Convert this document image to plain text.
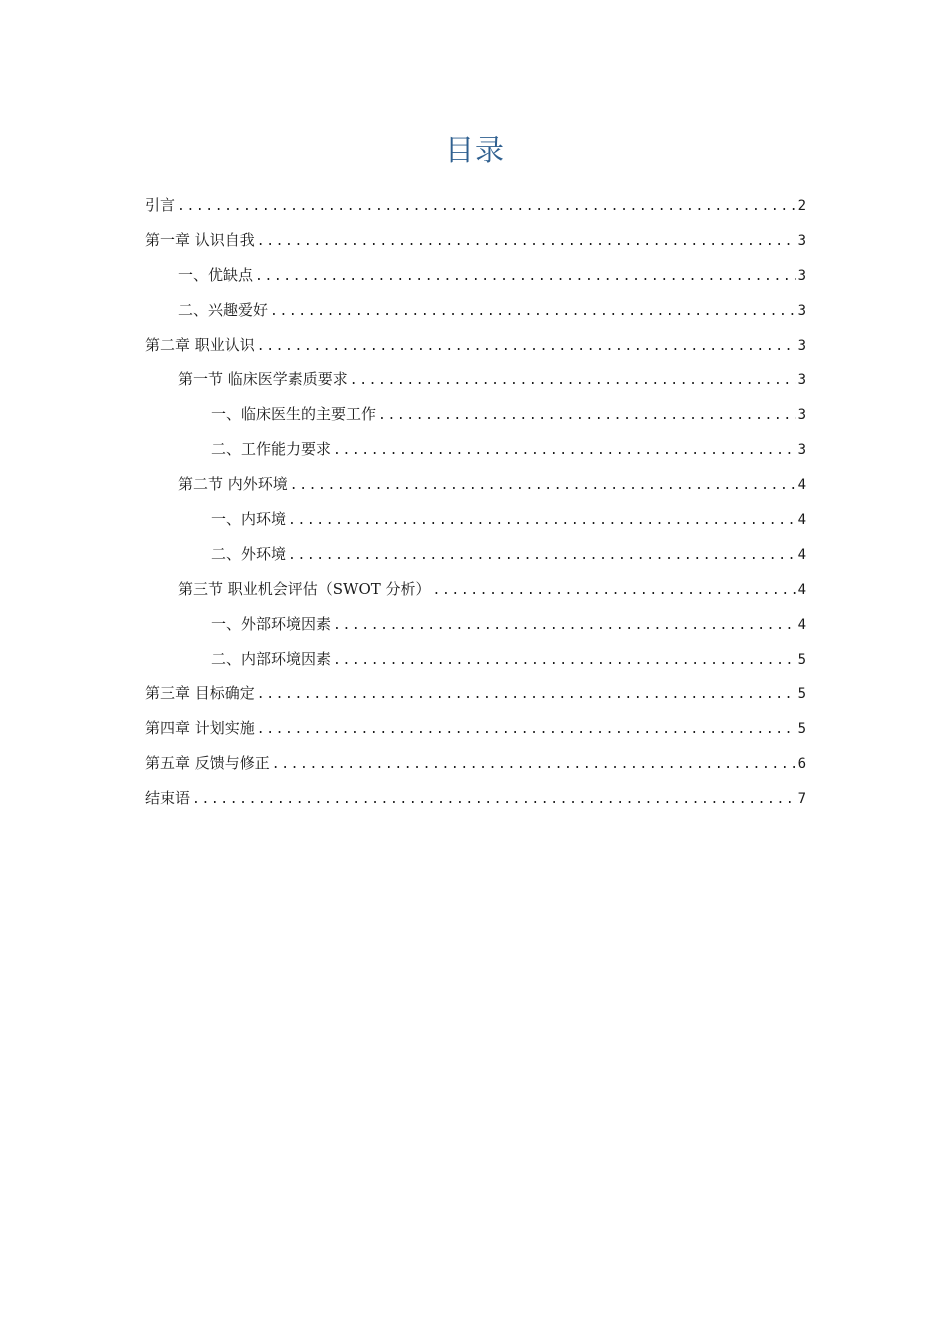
目录
引言 .....	2
第一章 认识自我 .....	3
一、优缺点 .....	3
二、兴趣爱好 .....	3
第二章 职业认识 .....	3
第一节 临床医学素质要求 .....	3
一、临床医生的主要工作 .....	3
二、工作能力要求 .....	3
第二节 内外环境 .....	4
一、内环境 .....	4
二、外环境 .....	4
第三节 职业机会评估（SWOT 分析） .....	4
一、外部环境因素 .....	4
二、内部环境因素 .....	5
第三章 目标确定 .....	5
第四章 计划实施 .....	5
第五章 反馈与修正 .....	6
结束语 .....	7
